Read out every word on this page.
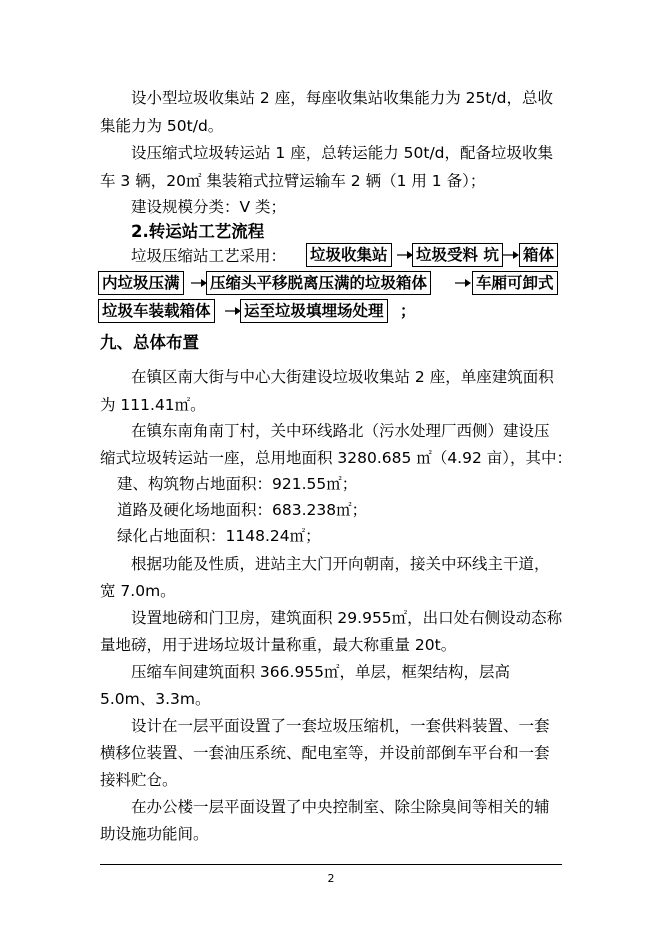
设小型垃圾收集站 2 座，每座收集站收集能力为 25t/d，总收
集能力为 50t/d。
设压缩式垃圾转运站 1 座，总转运能力 50t/d，配备垃圾收集
车 3 辆，20㎡ 集装箱式拉臂运输车 2 辆（1 用 1 备）；
建设规模分类：V 类；
2.转运站工艺流程
垃圾压缩站工艺采用： 垃圾收集站 垃圾受料 坑 箱体
内垃圾压满 压缩头平移脱离压满的垃圾箱体	车厢可卸式
垃圾车装载箱体 运至垃圾填埋场处理 ；
九、总体布置
在镇区南大街与中心大街建设垃圾收集站 2 座，单座建筑面积
为 111.41㎡。
在镇东南角南丁村，关中环线路北（污水处理厂西侧）建设压
缩式垃圾转运站一座，总用地面积 3280.685 ㎡（4.92 亩），其中：
建、构筑物占地面积：921.55㎡；
道路及硬化场地面积：683.238㎡；
绿化占地面积：1148.24㎡；
根据功能及性质，进站主大门开向朝南，接关中环线主干道，
宽 7.0m。
设置地磅和门卫房，建筑面积 29.955㎡，出口处右侧设动态称
量地磅，用于进场垃圾计量称重，最大称重量 20t。
压缩车间建筑面积 366.955㎡，单层，框架结构，层高
5.0m、3.3m。
设计在一层平面设置了一套垃圾压缩机，一套供料装置、一套
横移位装置、一套油压系统、配电室等，并设前部倒车平台和一套
接料贮仓。
在办公楼一层平面设置了中央控制室、除尘除臭间等相关的辅
助设施功能间。
2
